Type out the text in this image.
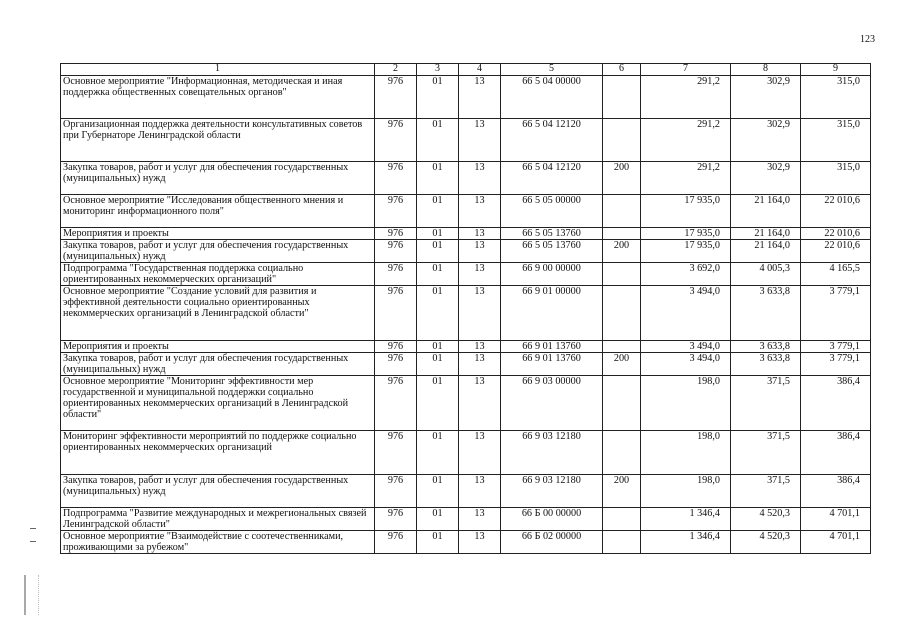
123
1	2	3	4	5	6	7	8	9
Основное мероприятие "Информационная, методическая и иная поддержка общественных совещательных органов"	976	01	13	66 5 04 00000		291,2	302,9	315,0
Организационная поддержка деятельности консультативных советов при Губернаторе Ленинградской области	976	01	13	66 5 04 12120		291,2	302,9	315,0
Закупка товаров, работ и услуг для обеспечения государственных (муниципальных) нужд	976	01	13	66 5 04 12120	200	291,2	302,9	315,0
Основное мероприятие "Исследования общественного мнения и мониторинг информационного поля"	976	01	13	66 5 05 00000		17 935,0	21 164,0	22 010,6
Мероприятия и проекты	976	01	13	66 5 05 13760		17 935,0	21 164,0	22 010,6
Закупка товаров, работ и услуг для обеспечения государственных (муниципальных) нужд	976	01	13	66 5 05 13760	200	17 935,0	21 164,0	22 010,6
Подпрограмма "Государственная поддержка социально ориентированных некоммерческих организаций"	976	01	13	66 9 00 00000		3 692,0	4 005,3	4 165,5
Основное мероприятие "Создание условий для развития и эффективной деятельности социально ориентированных некоммерческих организаций в Ленинградской области"	976	01	13	66 9 01 00000		3 494,0	3 633,8	3 779,1
Мероприятия и проекты	976	01	13	66 9 01 13760		3 494,0	3 633,8	3 779,1
Закупка товаров, работ и услуг для обеспечения государственных (муниципальных) нужд	976	01	13	66 9 01 13760	200	3 494,0	3 633,8	3 779,1
Основное мероприятие "Мониторинг эффективности мер государственной и муниципальной поддержки социально ориентированных некоммерческих организаций в Ленинградской области"	976	01	13	66 9 03 00000		198,0	371,5	386,4
Мониторинг эффективности мероприятий по поддержке социально ориентированных некоммерческих организаций	976	01	13	66 9 03 12180		198,0	371,5	386,4
Закупка товаров, работ и услуг для обеспечения государственных (муниципальных) нужд	976	01	13	66 9 03 12180	200	198,0	371,5	386,4
Подпрограмма "Развитие международных и межрегиональных связей Ленинградской области"	976	01	13	66 Б 00 00000		1 346,4	4 520,3	4 701,1
Основное мероприятие "Взаимодействие с соотечественниками, проживающими за рубежом"	976	01	13	66 Б 02 00000		1 346,4	4 520,3	4 701,1
